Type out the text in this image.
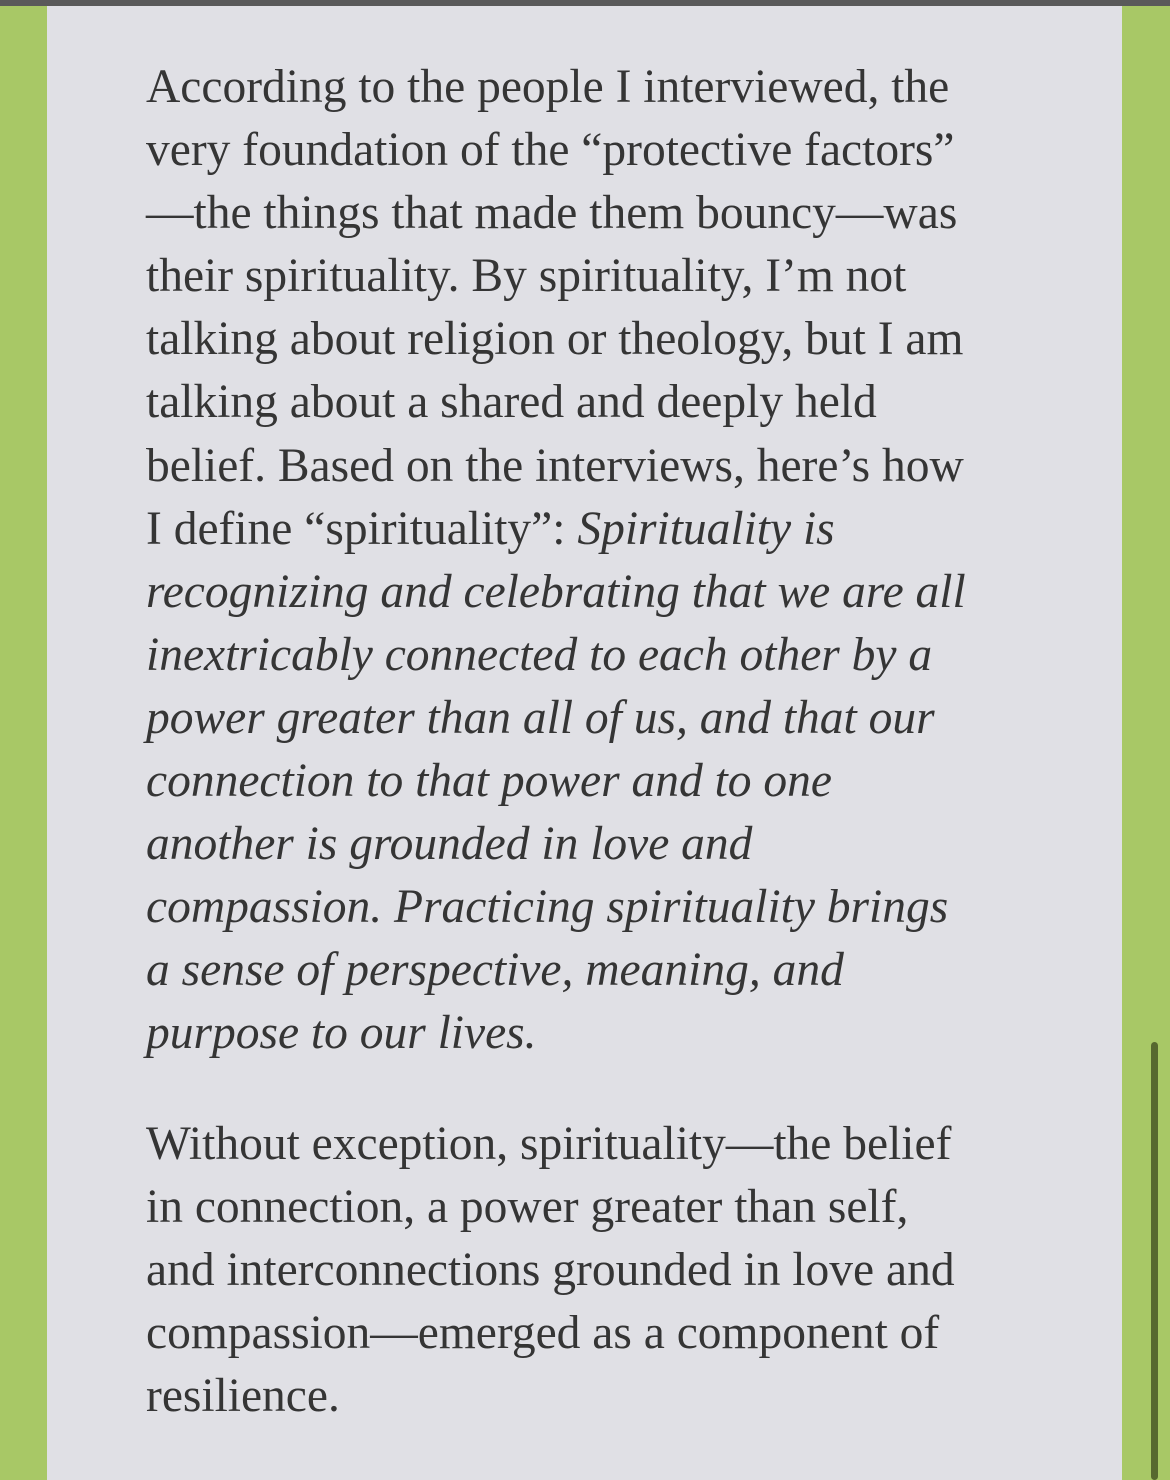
According to the people I interviewed, the
very foundation of the “protective factors”
—the things that made them bouncy—was
their spirituality. By spirituality, I’m not
talking about religion or theology, but I am
talking about a shared and deeply held
belief. Based on the interviews, here’s how
I define “spirituality”: Spirituality is
recognizing and celebrating that we are all
inextricably connected to each other by a
power greater than all of us, and that our
connection to that power and to one
another is grounded in love and
compassion. Practicing spirituality brings
a sense of perspective, meaning, and
purpose to our lives.

Without exception, spirituality—the belief
in connection, a power greater than self,
and interconnections grounded in love and
compassion—emerged as a component of
resilience.
